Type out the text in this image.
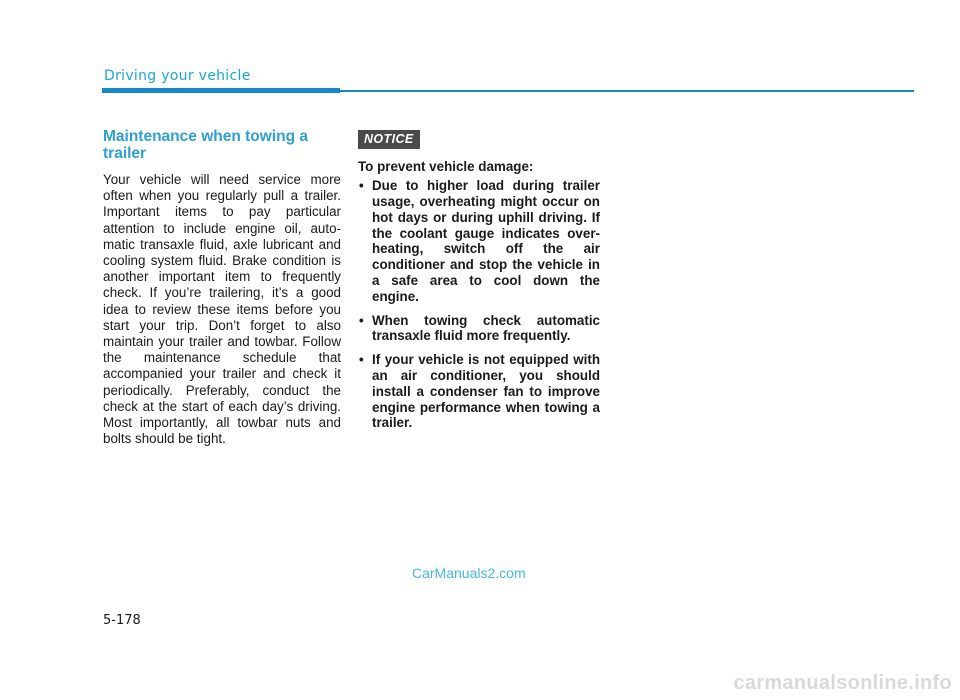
Driving your vehicle
Maintenance when towing a trailer

Your vehicle will need service more often when you regularly pull a trailer. Important items to pay particular attention to include engine oil, automatic transaxle fluid, axle lubricant and cooling system fluid. Brake condition is another important item to frequently check. If you’re trailering, it’s a good idea to review these items before you start your trip. Don’t forget to also maintain your trailer and towbar. Follow the maintenance schedule that accompanied your trailer and check it periodically. Preferably, conduct the check at the start of each day’s driving. Most importantly, all towbar nuts and bolts should be tight.

NOTICE

To prevent vehicle damage:

• Due to higher load during trailer usage, overheating might occur on hot days or during uphill driving. If the coolant gauge indicates over-heating, switch off the air conditioner and stop the vehicle in a safe area to cool down the engine.
• When towing check automatic transaxle fluid more frequently.
• If your vehicle is not equipped with an air conditioner, you should install a condenser fan to improve engine performance when towing a trailer.
5-178
CarManuals2.com
carmanualsonline.info
